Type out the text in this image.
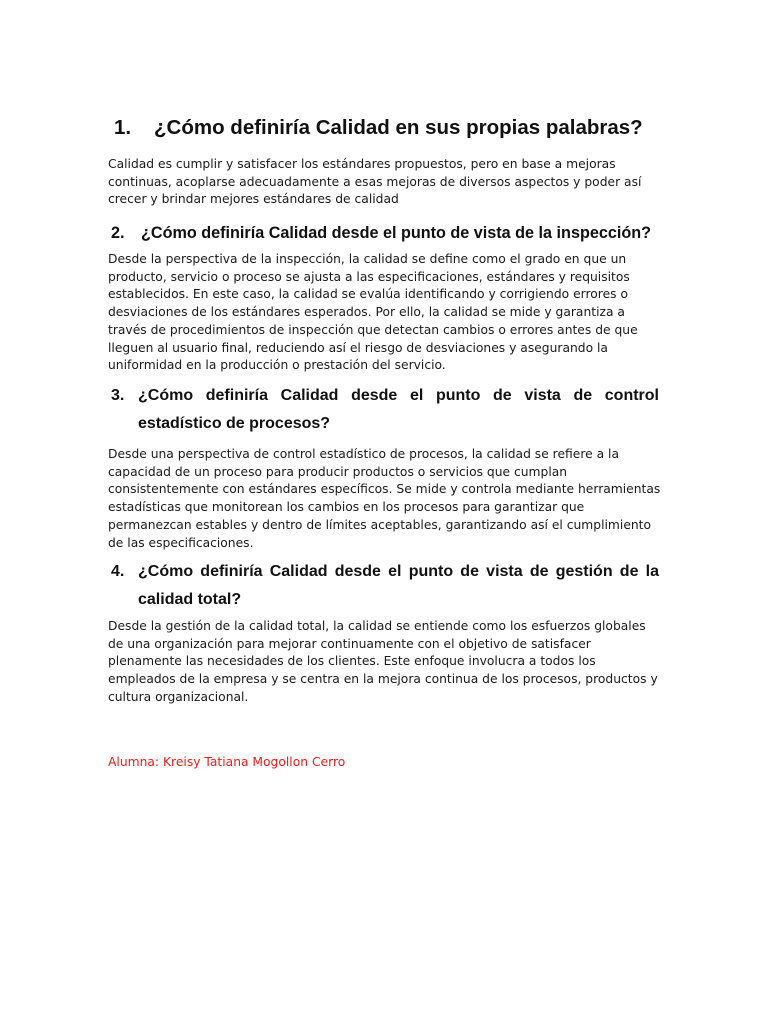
1. ¿Cómo definiría Calidad en sus propias palabras?

Calidad es cumplir y satisfacer los estándares propuestos, pero en base a mejoras continuas, acoplarse adecuadamente a esas mejoras de diversos aspectos y poder así crecer y brindar mejores estándares de calidad

2. ¿Cómo definiría Calidad desde el punto de vista de la inspección?

Desde la perspectiva de la inspección, la calidad se define como el grado en que un producto, servicio o proceso se ajusta a las especificaciones, estándares y requisitos establecidos. En este caso, la calidad se evalúa identificando y corrigiendo errores o desviaciones de los estándares esperados. Por ello, la calidad se mide y garantiza a través de procedimientos de inspección que detectan cambios o errores antes de que lleguen al usuario final, reduciendo así el riesgo de desviaciones y asegurando la uniformidad en la producción o prestación del servicio.

3. ¿Cómo definiría Calidad desde el punto de vista de control estadístico de procesos?

Desde una perspectiva de control estadístico de procesos, la calidad se refiere a la capacidad de un proceso para producir productos o servicios que cumplan consistentemente con estándares específicos. Se mide y controla mediante herramientas estadísticas que monitorean los cambios en los procesos para garantizar que permanezcan estables y dentro de límites aceptables, garantizando así el cumplimiento de las especificaciones.

4. ¿Cómo definiría Calidad desde el punto de vista de gestión de la calidad total?

Desde la gestión de la calidad total, la calidad se entiende como los esfuerzos globales de una organización para mejorar continuamente con el objetivo de satisfacer plenamente las necesidades de los clientes. Este enfoque involucra a todos los empleados de la empresa y se centra en la mejora continua de los procesos, productos y cultura organizacional.

Alumna: Kreisy Tatiana Mogollon Cerro
